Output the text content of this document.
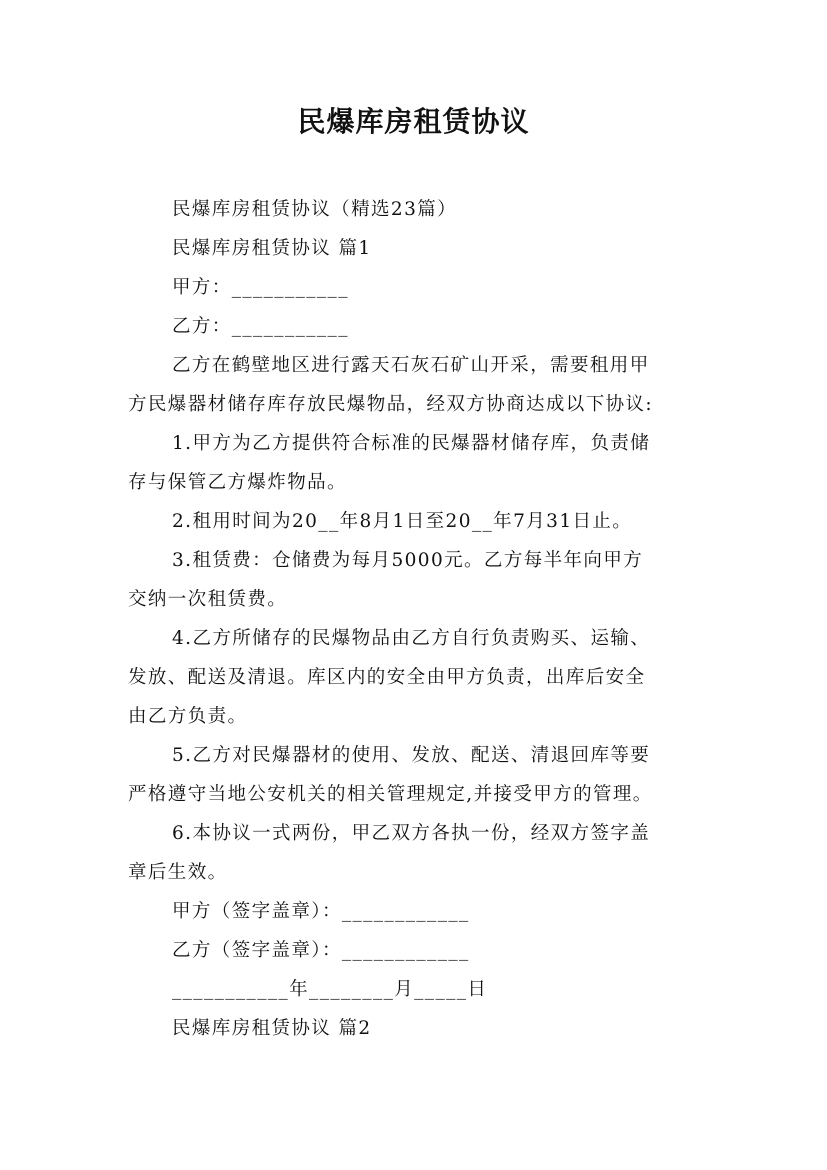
民爆库房租赁协议
民爆库房租赁协议（精选23篇）
民爆库房租赁协议 篇1
甲方：___________
乙方：___________
乙方在鹤壁地区进行露天石灰石矿山开采，需要租用甲
方民爆器材储存库存放民爆物品，经双方协商达成以下协议:
1.甲方为乙方提供符合标准的民爆器材储存库，负责储
存与保管乙方爆炸物品。
2.租用时间为20__年8月1日至20__年7月31日止。
3.租赁费：仓储费为每月5000元。乙方每半年向甲方
交纳一次租赁费。
4.乙方所储存的民爆物品由乙方自行负责购买、运输、
发放、配送及清退。库区内的安全由甲方负责，出库后安全
由乙方负责。
5.乙方对民爆器材的使用、发放、配送、清退回库等要
严格遵守当地公安机关的相关管理规定,并接受甲方的管理。
6.本协议一式两份，甲乙双方各执一份，经双方签字盖
章后生效。
甲方（签字盖章）：____________
乙方（签字盖章）：____________
___________年________月_____日
民爆库房租赁协议 篇2
